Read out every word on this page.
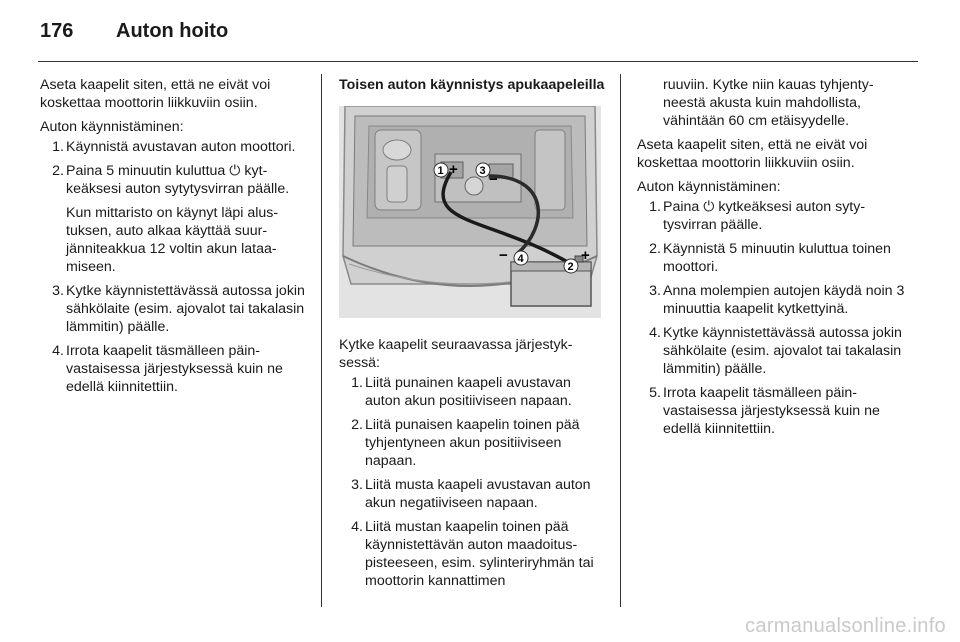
176 Auton hoito

Aseta kaapelit siten, että ne eivät voi koskettaa moottorin liikkuviin osiin.

Auton käynnistäminen:

1. Käynnistä avustavan auton moottori.
2. Paina 5 minuutin kuluttua ⏻ kytkeäksesi auton sytytysvirran päälle.
Kun mittaristo on käynyt läpi alustuksen, auto alkaa käyttää suurjänniteakkua 12 voltin akun lataamiseen.
3. Kytke käynnistettävässä autossa jokin sähkölaite (esim. ajovalot tai takalasin lämmitin) päälle.
4. Irrota kaapelit täsmälleen päinvastaisessa järjestyksessä kuin ne edellä kiinnitettiin.

Toisen auton käynnistys apukaapeleilla

1 + 3 −
4
−
2
+

Kytke kaapelit seuraavassa järjestyksessä:

1. Liitä punainen kaapeli avustavan auton akun positiiviseen napaan.
2. Liitä punaisen kaapelin toinen pää tyhjentyneen akun positiiviseen napaan.
3. Liitä musta kaapeli avustavan auton akun negatiiviseen napaan.
4. Liitä mustan kaapelin toinen pää käynnistettävän auton maadoituspisteeseen, esim. sylinteriryhmän tai moottorin kannattimen

ruuviin. Kytke niin kauas tyhjentyneestä akusta kuin mahdollista, vähintään 60 cm etäisyydelle.

Aseta kaapelit siten, että ne eivät voi koskettaa moottorin liikkuviin osiin.

Auton käynnistäminen:

1. Paina ⏻ kytkeäksesi auton sytytysvirran päälle.
2. Käynnistä 5 minuutin kuluttua toinen moottori.
3. Anna molempien autojen käydä noin 3 minuuttia kaapelit kytkettyinä.
4. Kytke käynnistettävässä autossa jokin sähkölaite (esim. ajovalot tai takalasin lämmitin) päälle.
5. Irrota kaapelit täsmälleen päinvastaisessa järjestyksessä kuin ne edellä kiinnitettiin.
carmanualsonline.info
